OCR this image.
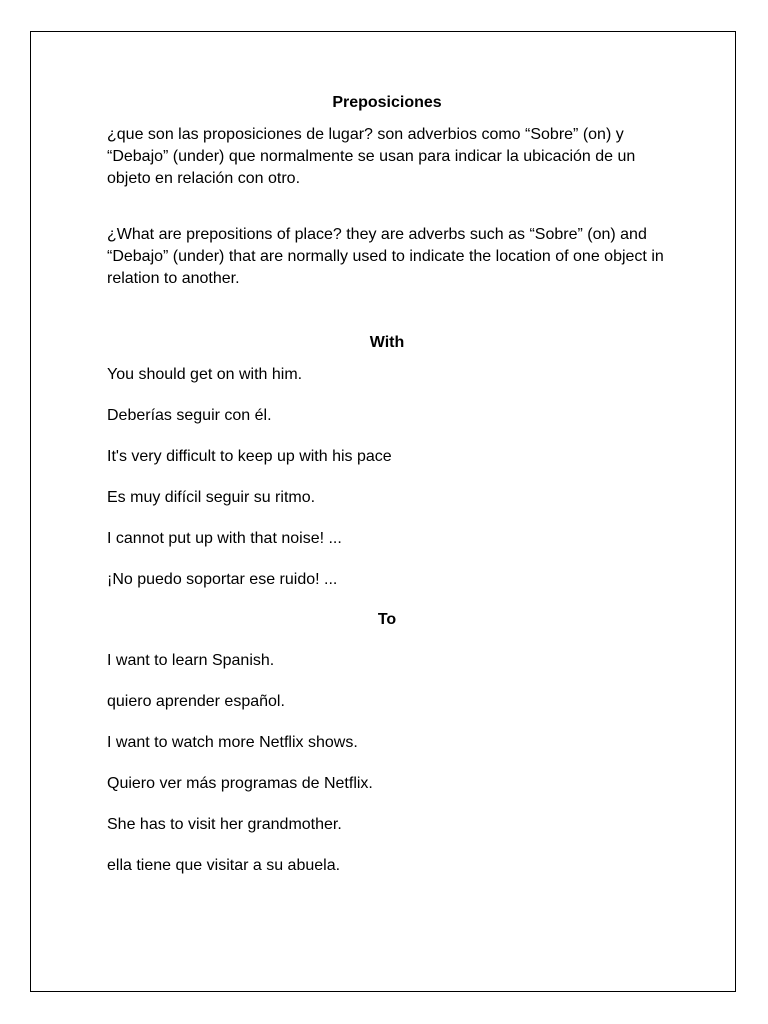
Preposiciones

¿que son las proposiciones de lugar? son adverbios como “Sobre” (on) y “Debajo” (under) que normalmente se usan para indicar la ubicación de un objeto en relación con otro.

¿What are prepositions of place? they are adverbs such as “Sobre” (on) and “Debajo” (under) that are normally used to indicate the location of one object in relation to another.

With

You should get on with him.

Deberías seguir con él.

It's very difficult to keep up with his pace

Es muy difícil seguir su ritmo.

I cannot put up with that noise! ...

¡No puedo soportar ese ruido! ...

To

I want to learn Spanish.

quiero aprender español.

I want to watch more Netflix shows.

Quiero ver más programas de Netflix.

She has to visit her grandmother.

ella tiene que visitar a su abuela.
